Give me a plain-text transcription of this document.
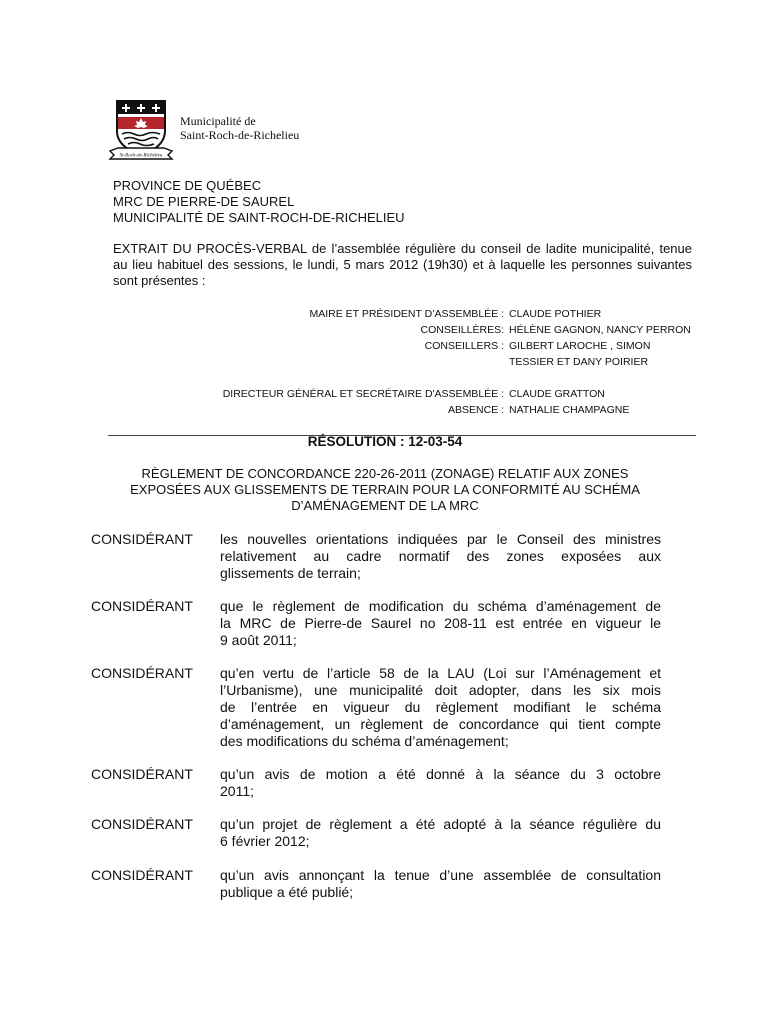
St-Roch-de-Richelieu
Municipalité de
Saint-Roch-de-Richelieu
PROVINCE DE QUÉBEC
MRC DE PIERRE-DE SAUREL
MUNICIPALITÉ DE SAINT-ROCH-DE-RICHELIEU
EXTRAIT DU PROCÈS-VERBAL de l’assemblée régulière du conseil de ladite municipalité, tenue au lieu habituel des sessions, le lundi, 5 mars 2012 (19h30) et à laquelle les personnes suivantes sont présentes :
MAIRE ET PRÉSIDENT D’ASSEMBLÉE : CLAUDE POTHIER
CONSEILLÈRES: HÉLÈNE GAGNON, NANCY PERRON
CONSEILLERS : GILBERT LAROCHE , SIMON
TESSIER ET DANY POIRIER
DIRECTEUR GÉNÉRAL ET SECRÉTAIRE D'ASSEMBLÉE : CLAUDE GRATTON
ABSENCE : NATHALIE CHAMPAGNE
RÉSOLUTION : 12-03-54
RÈGLEMENT DE CONCORDANCE 220-26-2011 (ZONAGE) RELATIF AUX ZONES
EXPOSÉES AUX GLISSEMENTS DE TERRAIN POUR LA CONFORMITÉ AU SCHÉMA
D’AMÉNAGEMENT DE LA MRC
CONSIDÉRANT les nouvelles orientations indiquées par le Conseil des ministres
relativement au cadre normatif des zones exposées aux
glissements de terrain;
CONSIDÉRANT que le règlement de modification du schéma d’aménagement de
la MRC de Pierre-de Saurel no 208-11 est entrée en vigueur le
9 août 2011;
CONSIDÉRANT qu’en vertu de l’article 58 de la LAU (Loi sur l’Aménagement et
l’Urbanisme), une municipalité doit adopter, dans les six mois
de l’entrée en vigueur du règlement modifiant le schéma
d’aménagement, un règlement de concordance qui tient compte
des modifications du schéma d’aménagement;
CONSIDÉRANT qu’un avis de motion a été donné à la séance du 3 octobre
2011;
CONSIDÉRANT qu’un projet de règlement a été adopté à la séance régulière du
6 février 2012;
CONSIDÉRANT qu’un avis annonçant la tenue d’une assemblée de consultation
publique a été publié;
